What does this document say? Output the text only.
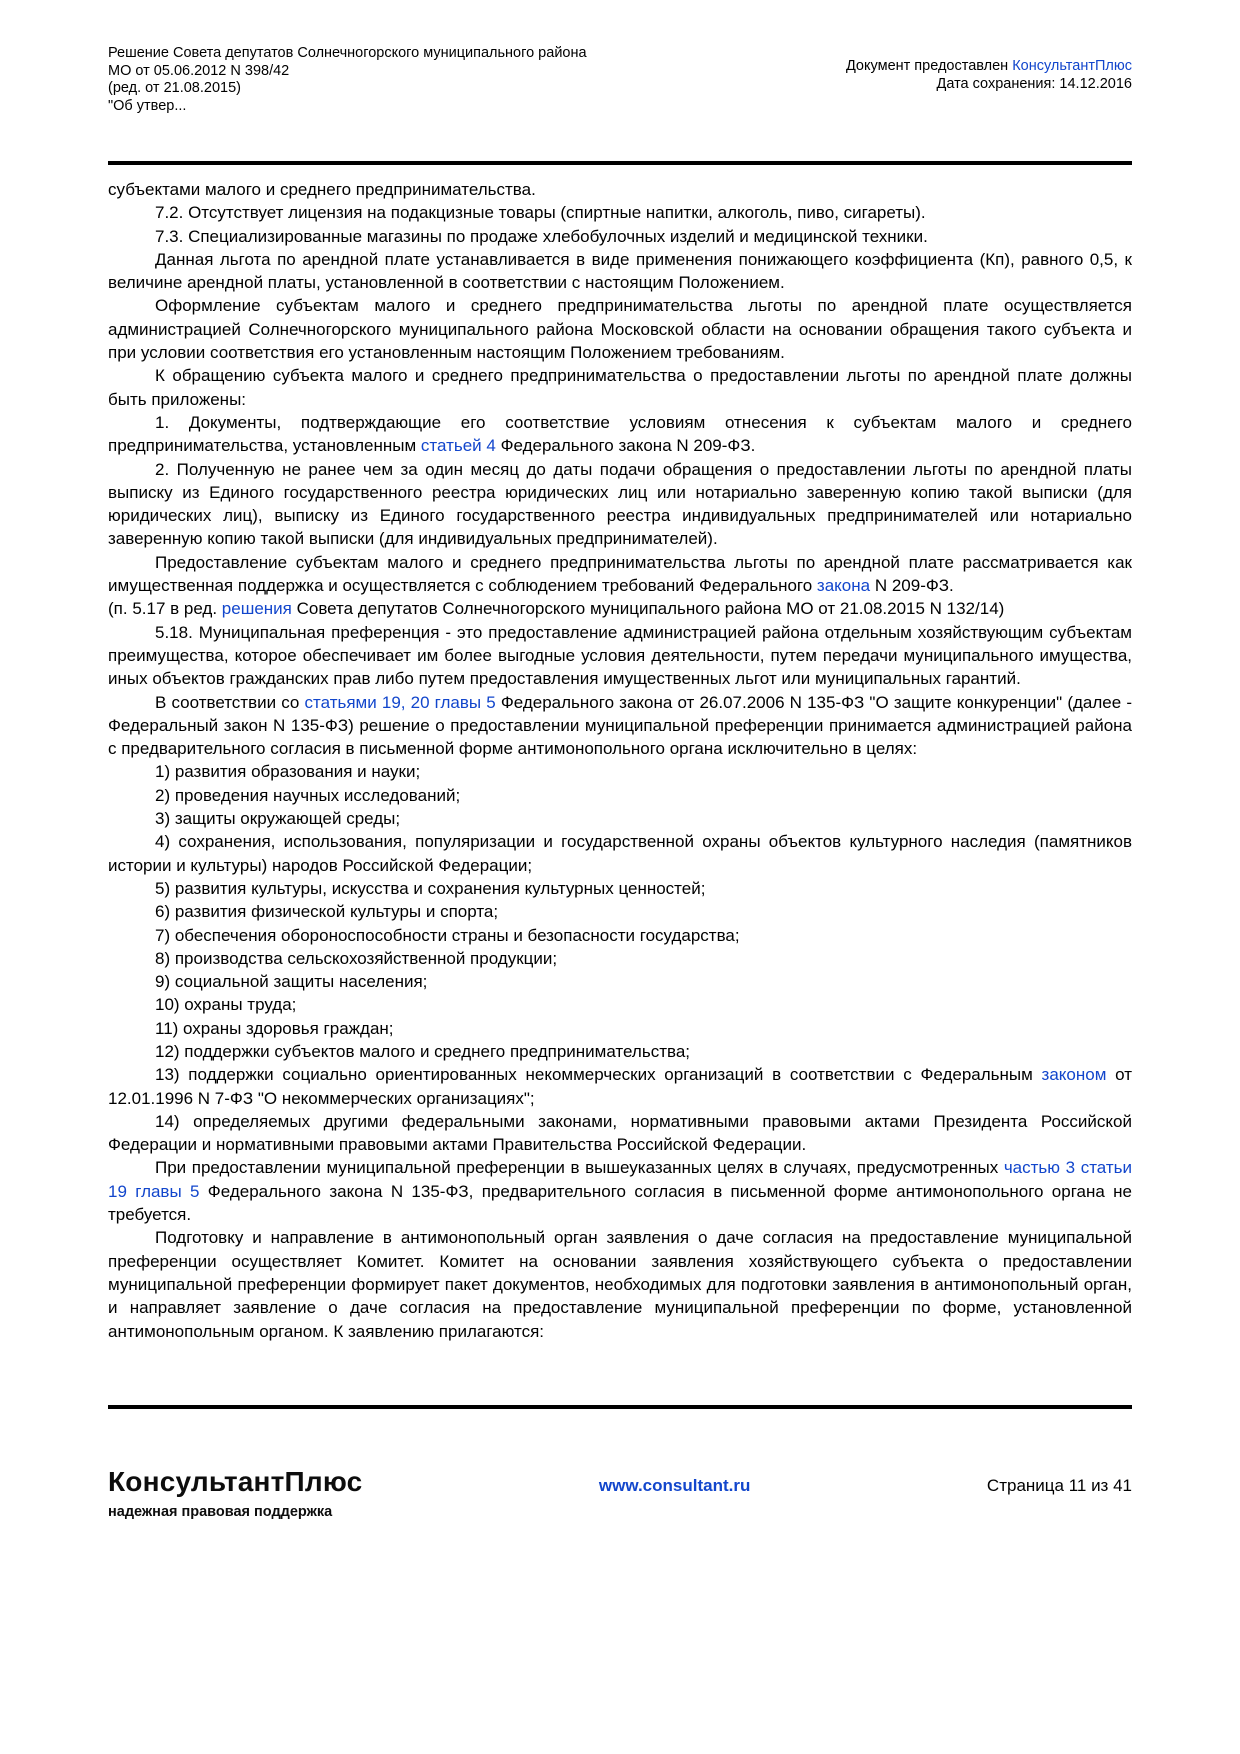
Решение Совета депутатов Солнечногорского муниципального района
МО от 05.06.2012 N 398/42
(ред. от 21.08.2015)
"Об утвер...
Документ предоставлен КонсультантПлюс
Дата сохранения: 14.12.2016

субъектами малого и среднего предпринимательства.

7.2. Отсутствует лицензия на подакцизные товары (спиртные напитки, алкоголь, пиво, сигареты).

7.3. Специализированные магазины по продаже хлебобулочных изделий и медицинской техники.

Данная льгота по арендной плате устанавливается в виде применения понижающего коэффициента (Кп), равного 0,5, к величине арендной платы, установленной в соответствии с настоящим Положением.

Оформление субъектам малого и среднего предпринимательства льготы по арендной плате осуществляется администрацией Солнечногорского муниципального района Московской области на основании обращения такого субъекта и при условии соответствия его установленным настоящим Положением требованиям.

К обращению субъекта малого и среднего предпринимательства о предоставлении льготы по арендной плате должны быть приложены:

1. Документы, подтверждающие его соответствие условиям отнесения к субъектам малого и среднего предпринимательства, установленным статьей 4 Федерального закона N 209-ФЗ.

2. Полученную не ранее чем за один месяц до даты подачи обращения о предоставлении льготы по арендной платы выписку из Единого государственного реестра юридических лиц или нотариально заверенную копию такой выписки (для юридических лиц), выписку из Единого государственного реестра индивидуальных предпринимателей или нотариально заверенную копию такой выписки (для индивидуальных предпринимателей).

Предоставление субъектам малого и среднего предпринимательства льготы по арендной плате рассматривается как имущественная поддержка и осуществляется с соблюдением требований Федерального закона N 209-ФЗ.

(п. 5.17 в ред. решения Совета депутатов Солнечногорского муниципального района МО от 21.08.2015 N 132/14)

5.18. Муниципальная преференция - это предоставление администрацией района отдельным хозяйствующим субъектам преимущества, которое обеспечивает им более выгодные условия деятельности, путем передачи муниципального имущества, иных объектов гражданских прав либо путем предоставления имущественных льгот или муниципальных гарантий.

В соответствии со статьями 19, 20 главы 5 Федерального закона от 26.07.2006 N 135-ФЗ "О защите конкуренции" (далее - Федеральный закон N 135-ФЗ) решение о предоставлении муниципальной преференции принимается администрацией района с предварительного согласия в письменной форме антимонопольного органа исключительно в целях:

1) развития образования и науки;

2) проведения научных исследований;

3) защиты окружающей среды;

4) сохранения, использования, популяризации и государственной охраны объектов культурного наследия (памятников истории и культуры) народов Российской Федерации;

5) развития культуры, искусства и сохранения культурных ценностей;

6) развития физической культуры и спорта;

7) обеспечения обороноспособности страны и безопасности государства;

8) производства сельскохозяйственной продукции;

9) социальной защиты населения;

10) охраны труда;

11) охраны здоровья граждан;

12) поддержки субъектов малого и среднего предпринимательства;

13) поддержки социально ориентированных некоммерческих организаций в соответствии с Федеральным законом от 12.01.1996 N 7-ФЗ "О некоммерческих организациях";

14) определяемых другими федеральными законами, нормативными правовыми актами Президента Российской Федерации и нормативными правовыми актами Правительства Российской Федерации.

При предоставлении муниципальной преференции в вышеуказанных целях в случаях, предусмотренных частью 3 статьи 19 главы 5 Федерального закона N 135-ФЗ, предварительного согласия в письменной форме антимонопольного органа не требуется.

Подготовку и направление в антимонопольный орган заявления о даче согласия на предоставление муниципальной преференции осуществляет Комитет. Комитет на основании заявления хозяйствующего субъекта о предоставлении муниципальной преференции формирует пакет документов, необходимых для подготовки заявления в антимонопольный орган, и направляет заявление о даче согласия на предоставление муниципальной преференции по форме, установленной антимонопольным органом. К заявлению прилагаются:

КонсультантПлюс
надежная правовая поддержка
www.consultant.ru	Страница 11 из 41
